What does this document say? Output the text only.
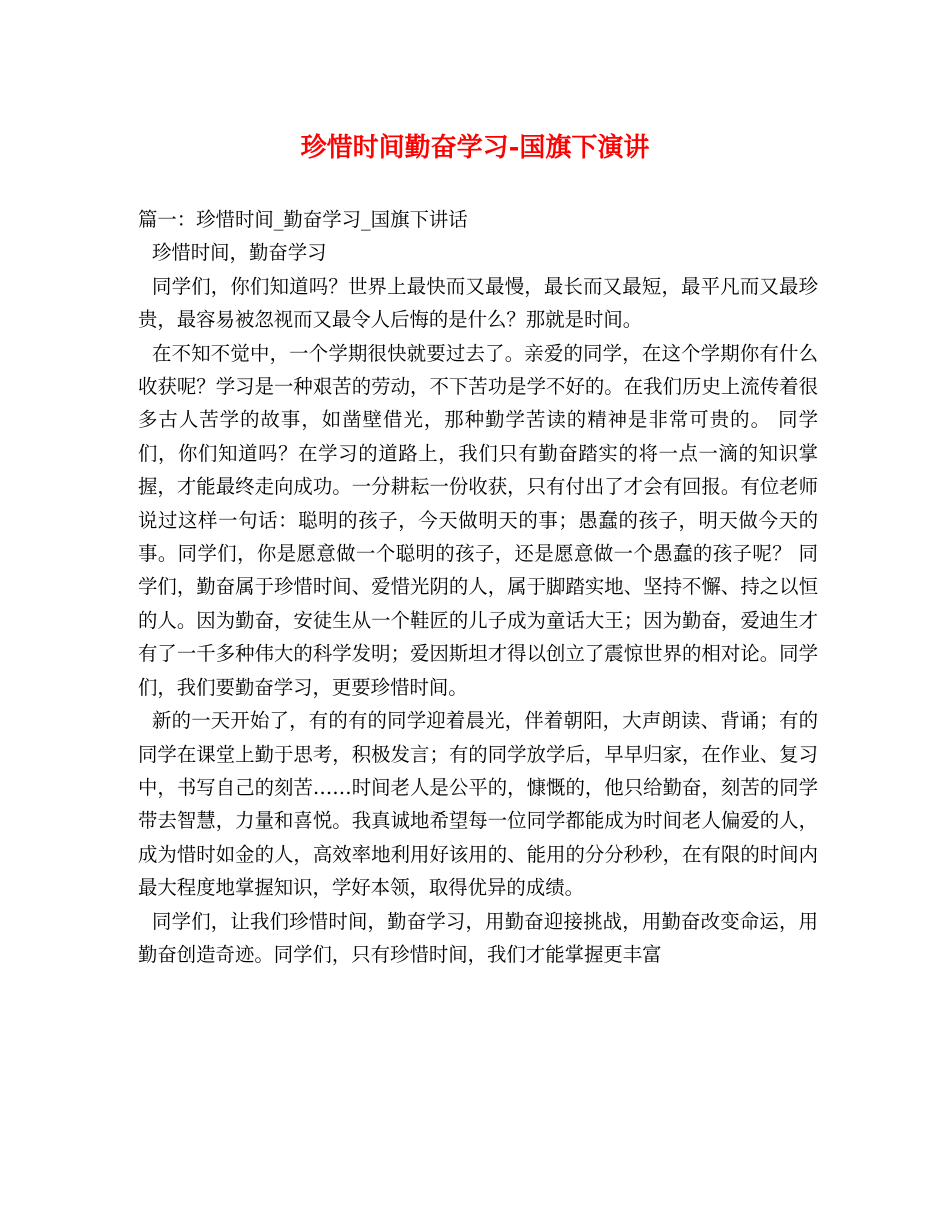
珍惜时间勤奋学习-国旗下演讲

篇一：珍惜时间_勤奋学习_国旗下讲话

珍惜时间，勤奋学习

同学们，你们知道吗？世界上最快而又最慢，最长而又最短，最平凡而又最珍贵，最容易被忽视而又最令人后悔的是什么？那就是时间。

在不知不觉中，一个学期很快就要过去了。亲爱的同学，在这个学期你有什么收获呢？学习是一种艰苦的劳动，不下苦功是学不好的。在我们历史上流传着很多古人苦学的故事，如凿壁借光，那种勤学苦读的精神是非常可贵的。 同学们，你们知道吗？在学习的道路上，我们只有勤奋踏实的将一点一滴的知识掌握，才能最终走向成功。一分耕耘一份收获，只有付出了才会有回报。有位老师说过这样一句话：聪明的孩子，今天做明天的事；愚蠢的孩子，明天做今天的事。同学们，你是愿意做一个聪明的孩子，还是愿意做一个愚蠢的孩子呢？ 同学们，勤奋属于珍惜时间、爱惜光阴的人，属于脚踏实地、坚持不懈、持之以恒的人。因为勤奋，安徒生从一个鞋匠的儿子成为童话大王；因为勤奋，爱迪生才有了一千多种伟大的科学发明；爱因斯坦才得以创立了震惊世界的相对论。同学们，我们要勤奋学习，更要珍惜时间。

新的一天开始了，有的有的同学迎着晨光，伴着朝阳，大声朗读、背诵；有的同学在课堂上勤于思考，积极发言；有的同学放学后，早早归家，在作业、复习中，书写自己的刻苦……时间老人是公平的，慷慨的，他只给勤奋，刻苦的同学带去智慧，力量和喜悦。我真诚地希望每一位同学都能成为时间老人偏爱的人，成为惜时如金的人，高效率地利用好该用的、能用的分分秒秒，在有限的时间内最大程度地掌握知识，学好本领，取得优异的成绩。

同学们，让我们珍惜时间，勤奋学习，用勤奋迎接挑战，用勤奋改变命运，用勤奋创造奇迹。同学们，只有珍惜时间，我们才能掌握更丰富
